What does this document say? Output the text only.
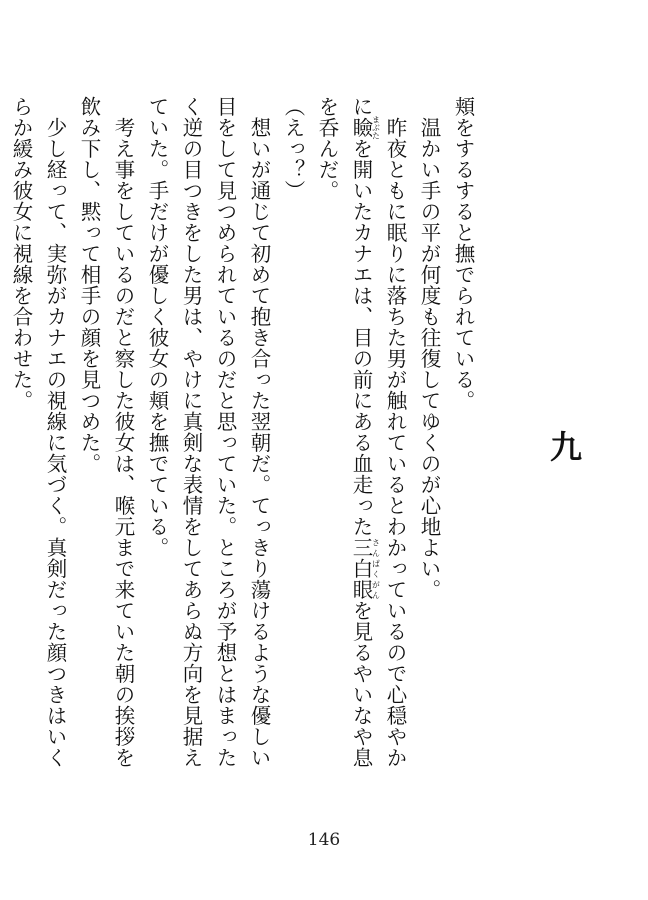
九

頬をするすると撫でられている。

　温かい手の平が何度も往復してゆくのが心地よい。

　昨夜ともに眠りに落ちた男が触れているとわかっているので心穏やかに瞼まぶたを開いたカナエは、目の前にある血走った三白眼さんぱくがんを見るやいなや息を呑んだ。

（えっ？）

　想いが通じて初めて抱き合った翌朝だ。てっきり蕩けるような優しい目をして見つめられているのだと思っていた。ところが予想とはまったく逆の目つきをした男は、やけに真剣な表情をしてあらぬ方向を見据えていた。手だけが優しく彼女の頬を撫でている。

　考え事をしているのだと察した彼女は、喉元まで来ていた朝の挨拶を飲み下し、黙って相手の顔を見つめた。

　少し経って、実弥がカナエの視線に気づく。真剣だった顔つきはいくらか緩み彼女に視線を合わせた。

146
